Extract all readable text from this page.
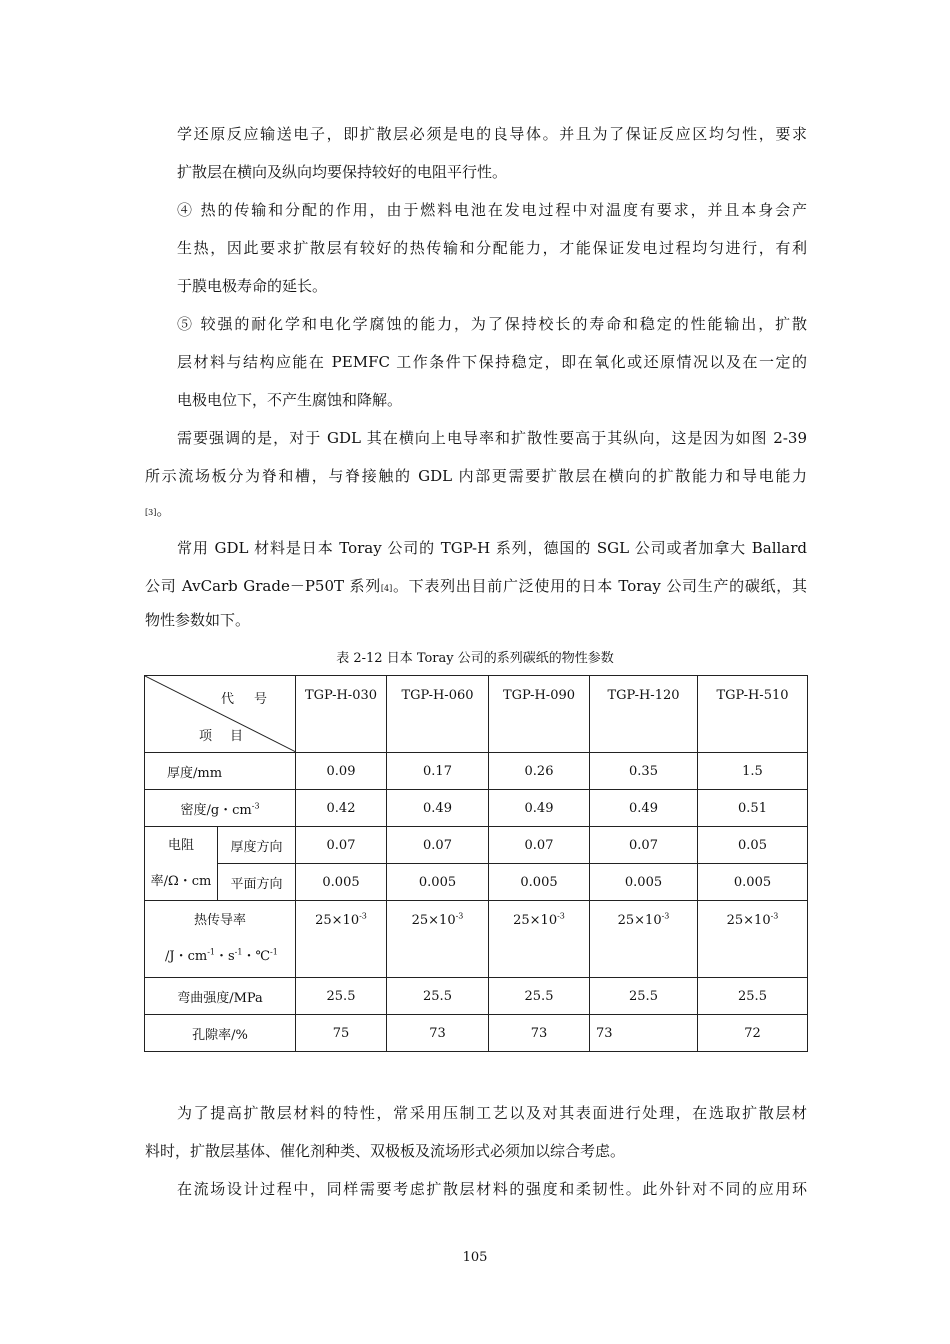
学还原反应输送电子，即扩散层必须是电的良导体。并且为了保证反应区均匀性，要求
扩散层在横向及纵向均要保持较好的电阻平行性。
④ 热的传输和分配的作用，由于燃料电池在发电过程中对温度有要求，并且本身会产
生热，因此要求扩散层有较好的热传输和分配能力，才能保证发电过程均匀进行，有利
于膜电极寿命的延长。
⑤ 较强的耐化学和电化学腐蚀的能力，为了保持校长的寿命和稳定的性能输出，扩散
层材料与结构应能在 PEMFC 工作条件下保持稳定，即在氧化或还原情况以及在一定的
电极电位下，不产生腐蚀和降解。
需要强调的是，对于 GDL 其在横向上电导率和扩散性要高于其纵向，这是因为如图 2-39
所示流场板分为脊和槽，与脊接触的 GDL 内部更需要扩散层在横向的扩散能力和导电能力
[3]。
常用 GDL 材料是日本 Toray 公司的 TGP-H 系列，德国的 SGL 公司或者加拿大 Ballard
公司 AvCarb Grade－P50T 系列[4]。下表列出目前广泛使用的日本 Toray 公司生产的碳纸，其
物性参数如下。
表 2-12 日本 Toray 公司的系列碳纸的物性参数
代号
项目		TGP-H-030	TGP-H-060	TGP-H-090	TGP-H-120	TGP-H-510
厚度/mm		0.09	0.17	0.26	0.35	1.5
密度/g・$cm^{-3}$		0.42	0.49	0.49	0.49	0.51

电阻
率/Ω・cm	厚度方向	0.07	0.07	0.07	0.07	0.05
	平面方向	0.005	0.005	0.005	0.005	0.005

热传导率
/J・$cm^{-1}$・$s^{-1}$・℃$^{-1}$		$25\times 10^{-3}$	$25\times 10^{-3}$	$25\times 10^{-3}$	$25\times 10^{-3}$	$25\times 10^{-3}$
弯曲强度/MPa		25.5	25.5	25.5	25.5	25.5
孔隙率/%		75	73	73	73	72
为了提高扩散层材料的特性，常采用压制工艺以及对其表面进行处理，在选取扩散层材
料时，扩散层基体、催化剂种类、双极板及流场形式必须加以综合考虑。
在流场设计过程中，同样需要考虑扩散层材料的强度和柔韧性。此外针对不同的应用环
105
